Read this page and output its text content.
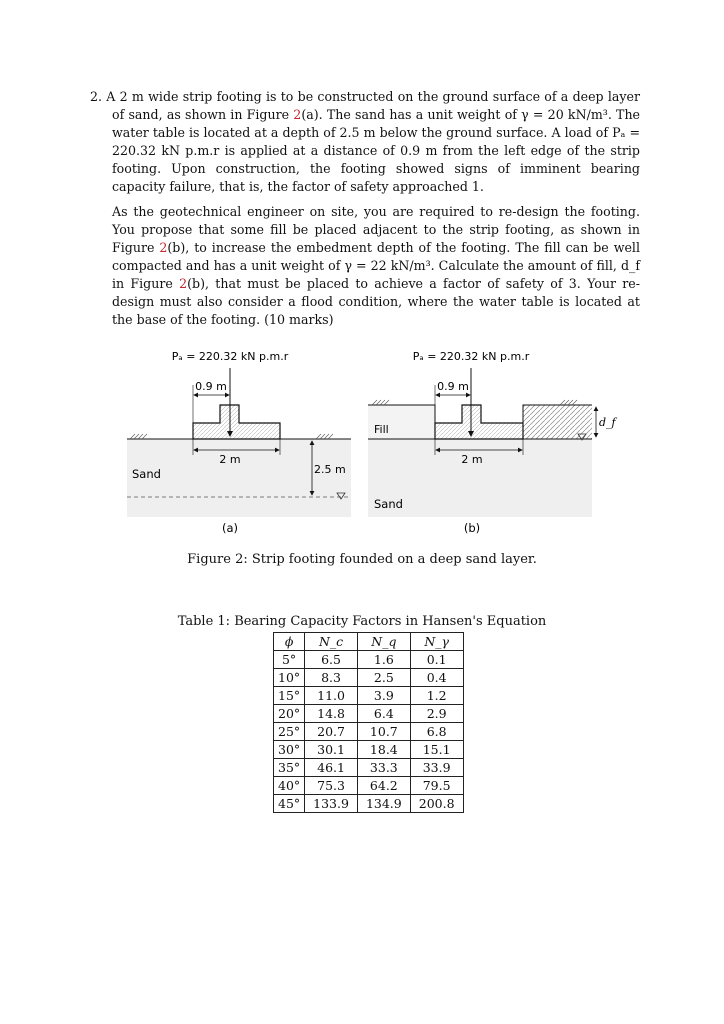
2. A 2 m wide strip footing is to be constructed on the ground surface of a deep layer of sand, as shown in Figure 2(a). The sand has a unit weight of γ = 20 kN/m³. The water table is located at a depth of 2.5 m below the ground surface. A load of Pₐ = 220.32 kN p.m.r is applied at a distance of 0.9 m from the left edge of the strip footing. Upon construction, the footing showed signs of imminent bearing capacity failure, that is, the factor of safety approached 1.

As the geotechnical engineer on site, you are required to re-design the footing. You propose that some fill be placed adjacent to the strip footing, as shown in Figure 2(b), to increase the embedment depth of the footing. The fill can be well compacted and has a unit weight of γ = 22 kN/m³. Calculate the amount of fill, d_f in Figure 2(b), that must be placed to achieve a factor of safety of 3. Your re-design must also consider a flood condition, where the water table is located at the base of the footing. (10 marks)

Pₐ = 220.32 kN p.m.r
0.9 m
2 m
2.5 m
Sand
(a)
Pₐ = 220.32 kN p.m.r
0.9 m
2 m
d_f
Fill
Sand
(b)
Figure 2: Strip footing founded on a deep sand layer.
Table 1: Bearing Capacity Factors in Hansen's Equation
ϕ	N_c	N_q	N_γ
5°	6.5	1.6	0.1
10°	8.3	2.5	0.4
15°	11.0	3.9	1.2
20°	14.8	6.4	2.9
25°	20.7	10.7	6.8
30°	30.1	18.4	15.1
35°	46.1	33.3	33.9
40°	75.3	64.2	79.5
45°	133.9	134.9	200.8
